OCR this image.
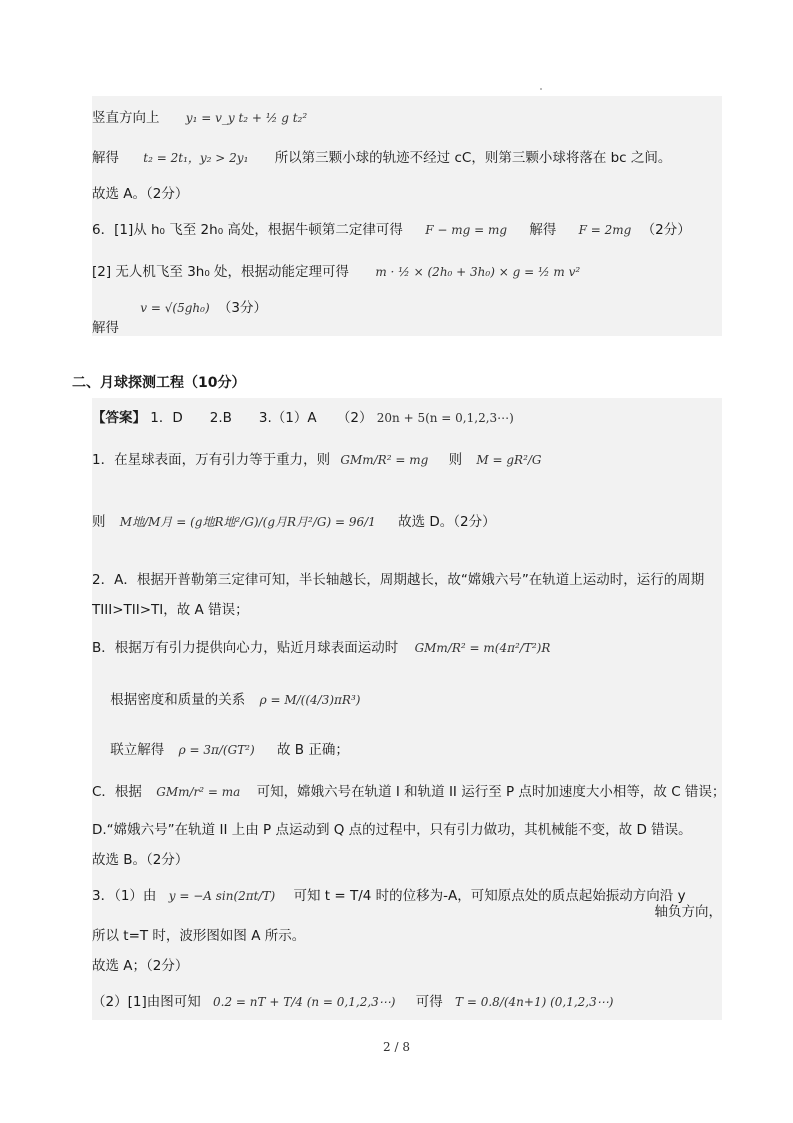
竖直方向上 y₁ = v_y t₂ + ½ g t₂²
解得 t₂ = 2t₁，y₂ > 2y₁ 所以第三颗小球的轨迹不经过 cC，则第三颗小球将落在 bc 之间。
故选 A。（2分）
6．[1]从 h₀ 飞至 2h₀ 高处，根据牛顿第二定律可得 F − mg = mg 解得 F = 2mg （2分）
[2] 无人机飞至 3h₀ 处，根据动能定理可得 m · ½ × (2h₀ + 3h₀) × g = ½ m v²
v = √(5gh₀) （3分）
解得
二、月球探测工程（10分）
【答案】 1．D　　2.B　　3.（1）A　　（2） 20n + 5(n = 0,1,2,3⋯)
1．在星球表面，万有引力等于重力，则 GMm/R² = mg 则 M = gR²/G
则 M地/M月 = (g地R地²/G)/(g月R月²/G) = 96/1 故选 D。（2分）
2．A．根据开普勒第三定律可知，半长轴越长，周期越长，故“嫦娥六号”在轨道上运动时，运行的周期
TIII>TII>TI，故 A 错误；
B．根据万有引力提供向心力，贴近月球表面运动时 GMm/R² = m(4π²/T²)R
根据密度和质量的关系 ρ = M/((4/3)πR³)
联立解得 ρ = 3π/(GT²) 故 B 正确；
C．根据 GMm/r² = ma 可知，嫦娥六号在轨道 I 和轨道 II 运行至 P 点时加速度大小相等，故 C 错误；
D.“嫦娥六号”在轨道 II 上由 P 点运动到 Q 点的过程中，只有引力做功，其机械能不变，故 D 错误。
故选 B。（2分）
3．（1）由 y = −A sin(2πt/T) 可知 t = T/4 时的位移为-A，可知原点处的质点起始振动方向沿 y
轴负方向，
所以 t=T 时，波形图如图 A 所示。
故选 A；（2分）
（2）[1]由图可知 0.2 = nT + T/4 (n = 0,1,2,3⋯) 可得 T = 0.8/(4n+1) (0,1,2,3⋯)
2 / 8
